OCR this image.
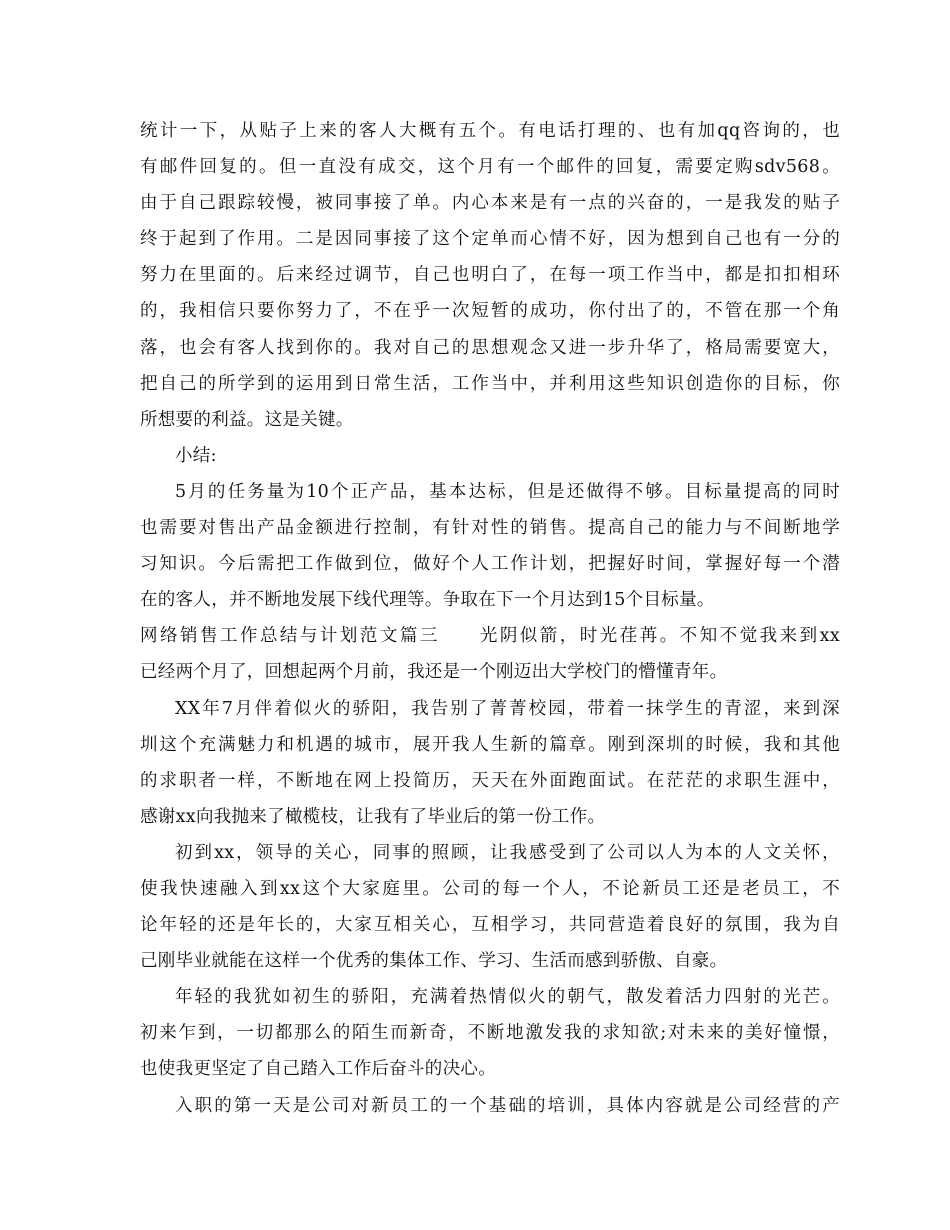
统计一下，从贴子上来的客人大概有五个。有电话打理的、也有加qq咨询的，也
有邮件回复的。但一直没有成交，这个月有一个邮件的回复，需要定购sdv568。
由于自己跟踪较慢，被同事接了单。内心本来是有一点的兴奋的，一是我发的贴子
终于起到了作用。二是因同事接了这个定单而心情不好，因为想到自己也有一分的
努力在里面的。后来经过调节，自己也明白了，在每一项工作当中，都是扣扣相环
的，我相信只要你努力了，不在乎一次短暂的成功，你付出了的，不管在那一个角
落，也会有客人找到你的。我对自己的思想观念又进一步升华了，格局需要宽大，
把自己的所学到的运用到日常生活，工作当中，并利用这些知识创造你的目标，你
所想要的利益。这是关键。
小结:
5月的任务量为10个正产品，基本达标，但是还做得不够。目标量提高的同时
也需要对售出产品金额进行控制，有针对性的销售。提高自己的能力与不间断地学
习知识。今后需把工作做到位，做好个人工作计划，把握好时间，掌握好每一个潜
在的客人，并不断地发展下线代理等。争取在下一个月达到15个目标量。
网络销售工作总结与计划范文篇三　　光阴似箭，时光荏苒。不知不觉我来到xx
已经两个月了，回想起两个月前，我还是一个刚迈出大学校门的懵懂青年。
XX年7月伴着似火的骄阳，我告别了菁菁校园，带着一抹学生的青涩，来到深
圳这个充满魅力和机遇的城市，展开我人生新的篇章。刚到深圳的时候，我和其他
的求职者一样，不断地在网上投简历，天天在外面跑面试。在茫茫的求职生涯中，
感谢xx向我抛来了橄榄枝，让我有了毕业后的第一份工作。
初到xx，领导的关心，同事的照顾，让我感受到了公司以人为本的人文关怀，
使我快速融入到xx这个大家庭里。公司的每一个人，不论新员工还是老员工，不
论年轻的还是年长的，大家互相关心，互相学习，共同营造着良好的氛围，我为自
己刚毕业就能在这样一个优秀的集体工作、学习、生活而感到骄傲、自豪。
年轻的我犹如初生的骄阳，充满着热情似火的朝气，散发着活力四射的光芒。
初来乍到，一切都那么的陌生而新奇，不断地激发我的求知欲;对未来的美好憧憬，
也使我更坚定了自己踏入工作后奋斗的决心。
入职的第一天是公司对新员工的一个基础的培训，具体内容就是公司经营的产
